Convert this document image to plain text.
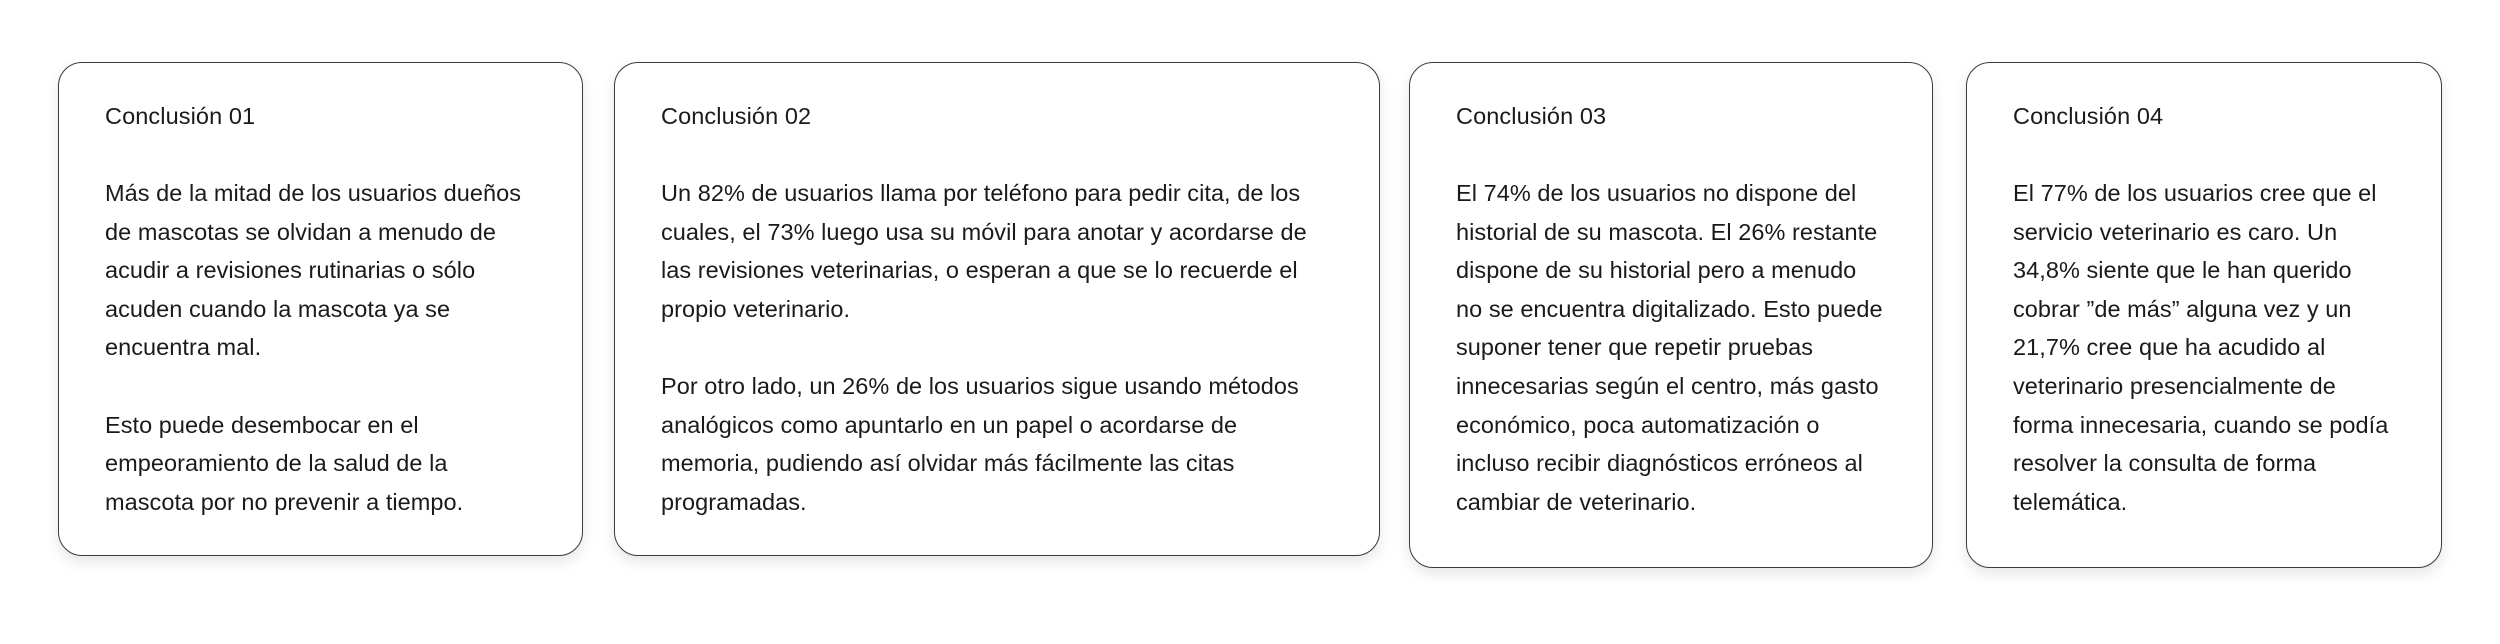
Conclusión 01

Más de la mitad de los usuarios dueños de mascotas se olvidan a menudo de acudir a revisiones rutinarias o sólo acuden cuando la mascota ya se encuentra mal.

Esto puede desembocar en el empeoramiento de la salud de la mascota por no prevenir a tiempo.

Conclusión 02

Un 82% de usuarios llama por teléfono para pedir cita, de los cuales, el 73% luego usa su móvil para anotar y acordarse de las revisiones veterinarias, o esperan a que se lo recuerde el propio veterinario.

Por otro lado, un 26% de los usuarios sigue usando métodos analógicos como apuntarlo en un papel o acordarse de memoria, pudiendo así olvidar más fácilmente las citas programadas.

Conclusión 03

El 74% de los usuarios no dispone del historial de su mascota. El 26% restante dispone de su historial pero a menudo no se encuentra digitalizado. Esto puede suponer tener que repetir pruebas innecesarias según el centro, más gasto económico, poca automatización o incluso recibir diagnósticos erróneos al cambiar de veterinario.

Conclusión 04

El 77% de los usuarios cree que el servicio veterinario es caro. Un 34,8% siente que le han querido cobrar ”de más” alguna vez y un 21,7% cree que ha acudido al veterinario presencialmente de forma innecesaria, cuando se podía resolver la consulta de forma telemática.
